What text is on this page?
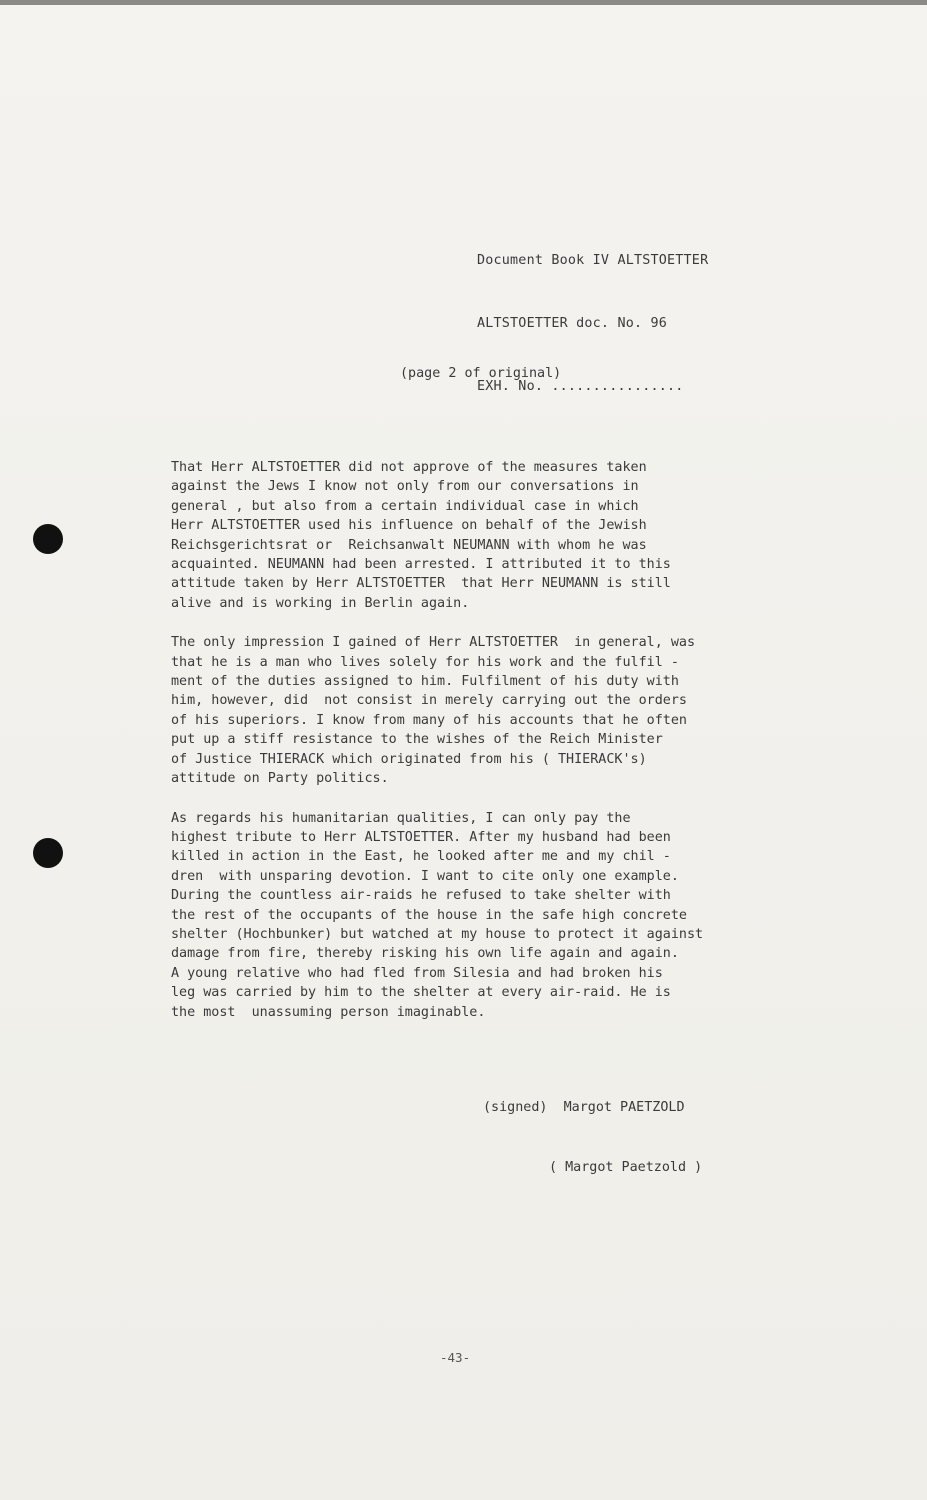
Document Book IV ALTSTOETTER

ALTSTOETTER doc. No. 96

EXH. No. ................

(page 2 of original)
That Herr ALTSTOETTER did not approve of the measures taken
against the Jews I know not only from our conversations in
general , but also from a certain individual case in which
Herr ALTSTOETTER used his influence on behalf of the Jewish
Reichsgerichtsrat or  Reichsanwalt NEUMANN with whom he was
acquainted. NEUMANN had been arrested. I attributed it to this
attitude taken by Herr ALTSTOETTER  that Herr NEUMANN is still
alive and is working in Berlin again.
The only impression I gained of Herr ALTSTOETTER  in general, was
that he is a man who lives solely for his work and the fulfil -
ment of the duties assigned to him. Fulfilment of his duty with
him, however, did  not consist in merely carrying out the orders
of his superiors. I know from many of his accounts that he often
put up a stiff resistance to the wishes of the Reich Minister
of Justice THIERACK which originated from his ( THIERACK's)
attitude on Party politics.
As regards his humanitarian qualities, I can only pay the
highest tribute to Herr ALTSTOETTER. After my husband had been
killed in action in the East, he looked after me and my chil -
dren  with unsparing devotion. I want to cite only one example.
During the countless air-raids he refused to take shelter with
the rest of the occupants of the house in the safe high concrete
shelter (Hochbunker) but watched at my house to protect it against
damage from fire, thereby risking his own life again and again.
A young relative who had fled from Silesia and had broken his
leg was carried by him to the shelter at every air-raid. He is
the most  unassuming person imaginable.

(signed)  Margot PAETZOLD

( Margot Paetzold )

-43-
